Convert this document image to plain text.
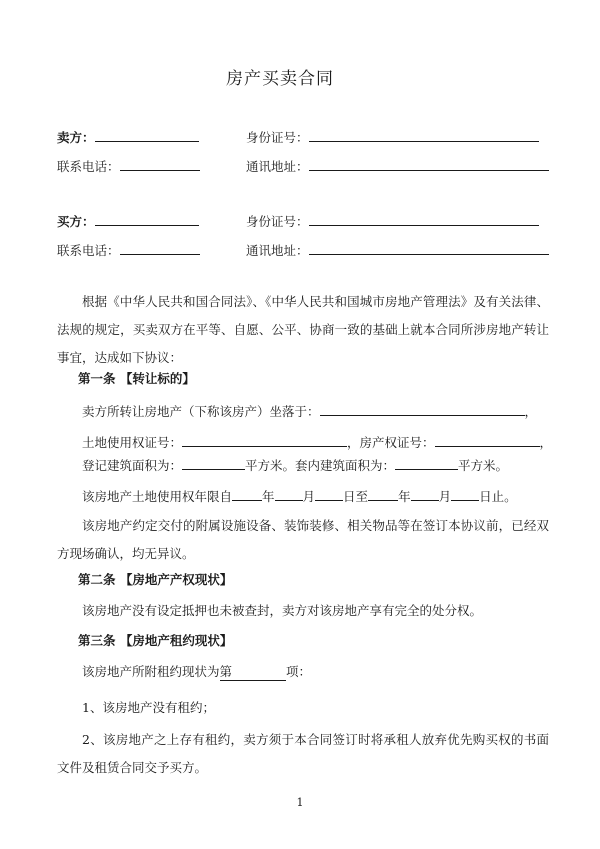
房产买卖合同
卖方：	身份证号：
联系电话：	通讯地址：
买方：	身份证号：
联系电话：	通讯地址：
根据《中华人民共和国合同法》、《中华人民共和国城市房地产管理法》及有关法律、法规的规定，买卖双方在平等、自愿、公平、协商一致的基础上就本合同所涉房地产转让事宜，达成如下协议：
第一条 【转让标的】
卖方所转让房地产（下称该房产）坐落于：	，
土地使用权证号：	，房产权证号：	，
登记建筑面积为：	平方米。套内建筑面积为：	平方米。
该房地产土地使用权年限自 年 月 日至 年 月 日止。
该房地产约定交付的附属设施设备、装饰装修、相关物品等在签订本协议前，已经双方现场确认，均无异议。
第二条 【房地产产权现状】
该房地产没有设定抵押也未被查封，卖方对该房地产享有完全的处分权。
第三条 【房地产租约现状】
该房地产所附租约现状为第	项：
1、该房地产没有租约；
2、该房地产之上存有租约，卖方须于本合同签订时将承租人放弃优先购买权的书面文件及租赁合同交予买方。
1
